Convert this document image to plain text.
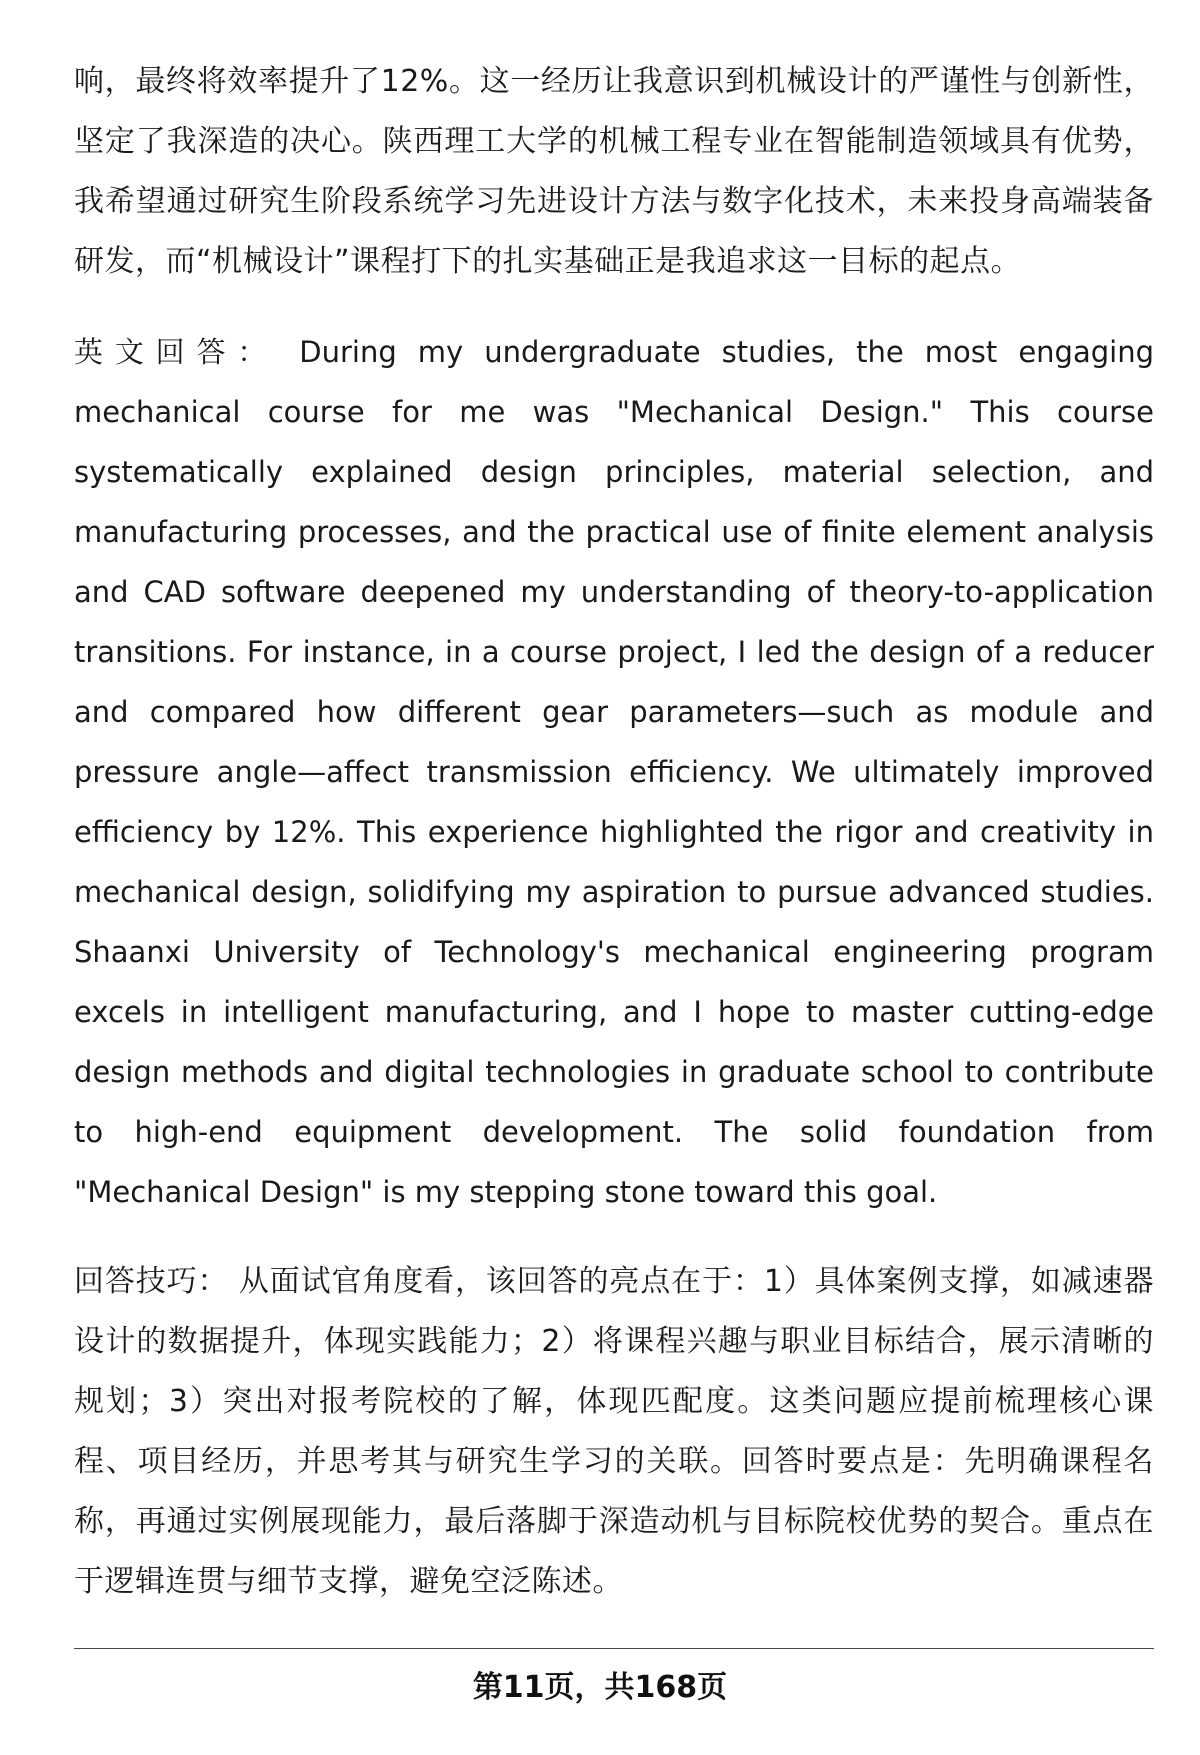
响，最终将效率提升了12%。这一经历让我意识到机械设计的严谨性与创新性，坚定了我深造的决心。陕西理工大学的机械工程专业在智能制造领域具有优势，我希望通过研究生阶段系统学习先进设计方法与数字化技术，未来投身高端装备研发，而“机械设计”课程打下的扎实基础正是我追求这一目标的起点。

英文回答： During my undergraduate studies, the most engaging mechanical course for me was "Mechanical Design." This course systematically explained design principles, material selection, and manufacturing processes, and the practical use of finite element analysis and CAD software deepened my understanding of theory-to-application transitions. For instance, in a course project, I led the design of a reducer and compared how different gear parameters—such as module and pressure angle—affect transmission efficiency. We ultimately improved efficiency by 12%. This experience highlighted the rigor and creativity in mechanical design, solidifying my aspiration to pursue advanced studies. Shaanxi University of Technology's mechanical engineering program excels in intelligent manufacturing, and I hope to master cutting-edge design methods and digital technologies in graduate school to contribute to high-end equipment development. The solid foundation from "Mechanical Design" is my stepping stone toward this goal.

回答技巧： 从面试官角度看，该回答的亮点在于：1）具体案例支撑，如减速器设计的数据提升，体现实践能力；2）将课程兴趣与职业目标结合，展示清晰的规划；3）突出对报考院校的了解，体现匹配度。这类问题应提前梳理核心课程、项目经历，并思考其与研究生学习的关联。回答时要点是：先明确课程名称，再通过实例展现能力，最后落脚于深造动机与目标院校优势的契合。重点在于逻辑连贯与细节支撑，避免空泛陈述。

第11页，共168页
